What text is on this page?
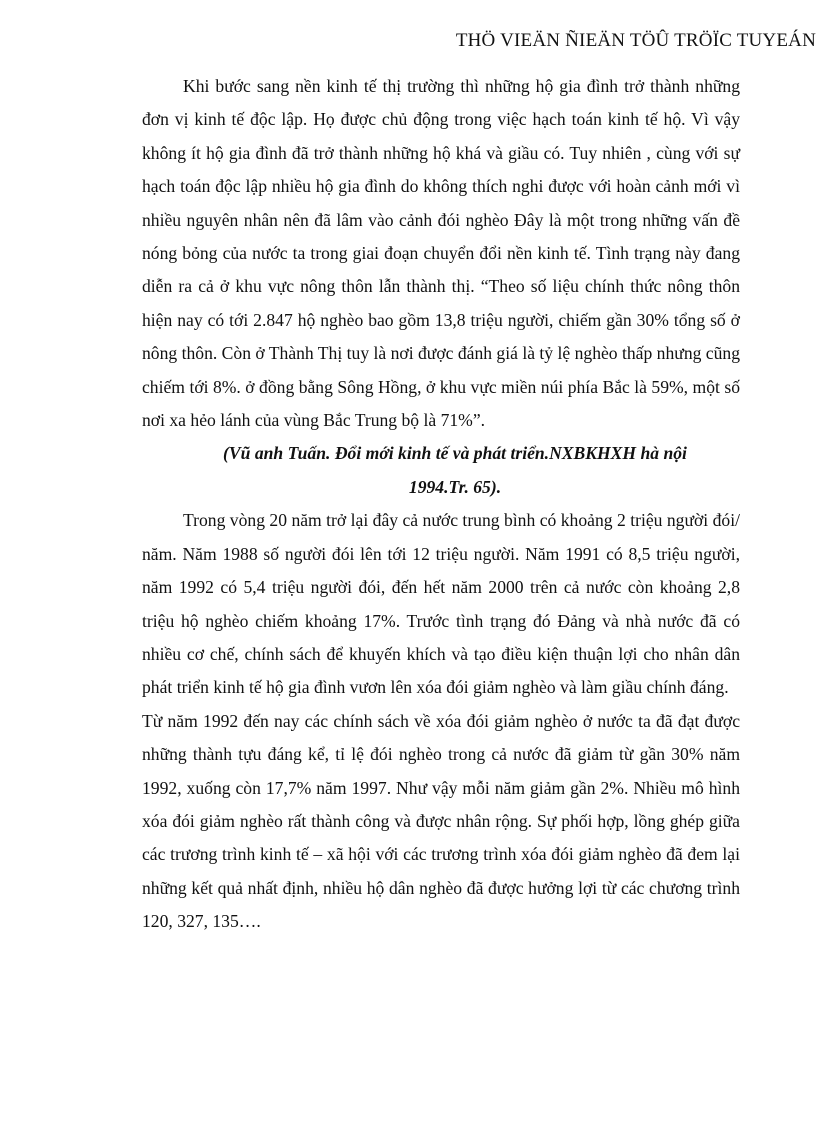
THÖ VIEÄN ÑIEÄN TÖÛ TRÖÏC TUYEÁN

Khi bước sang nền kinh tế thị trường thì những hộ gia đình trở thành những đơn vị kinh tế độc lập. Họ được chủ động trong việc hạch toán kinh tế hộ. Vì vậy không ít hộ gia đình đã trở thành những hộ khá và giầu có. Tuy nhiên , cùng với sự hạch toán độc lập nhiều hộ gia đình do không thích nghi được với hoàn cảnh mới vì nhiều nguyên nhân nên đã lâm vào cảnh đói nghèo Đây là một trong những vấn đề nóng bỏng của nước ta trong giai đoạn chuyển đổi nền kinh tế. Tình trạng này đang diễn ra cả ở khu vực nông thôn lẫn thành thị. “Theo số liệu chính thức nông thôn hiện nay có tới 2.847 hộ nghèo bao gồm 13,8 triệu người, chiếm gần 30% tổng số ở nông thôn. Còn ở Thành Thị tuy là nơi được đánh giá là tỷ lệ nghèo thấp nhưng cũng chiếm tới 8%. ở đồng bằng Sông Hồng, ở khu vực miền núi phía Bắc là 59%, một số nơi xa hẻo lánh của vùng Bắc Trung bộ là 71%”.

(Vũ anh Tuấn. Đổi mới kinh tế và phát triển.NXBKHXH hà nội
1994.Tr. 65).

Trong vòng 20 năm trở lại đây cả nước trung bình có khoảng 2 triệu người đói/ năm. Năm 1988 số người đói lên tới 12 triệu người. Năm 1991 có 8,5 triệu người, năm 1992 có 5,4 triệu người đói, đến hết năm 2000 trên cả nước còn khoảng 2,8 triệu hộ nghèo chiếm khoảng 17%. Trước tình trạng đó Đảng và nhà nước đã có nhiều cơ chế, chính sách để khuyến khích và tạo điều kiện thuận lợi cho nhân dân phát triển kinh tế hộ gia đình vươn lên xóa đói giảm nghèo và làm giầu chính đáng.

Từ năm 1992 đến nay các chính sách về xóa đói giảm nghèo ở nước ta đã đạt được những thành tựu đáng kể, tỉ lệ đói nghèo trong cả nước đã giảm từ gần 30% năm 1992, xuống còn 17,7% năm 1997. Như vậy mỗi năm giảm gần 2%. Nhiều mô hình xóa đói giảm nghèo rất thành công và được nhân rộng. Sự phối hợp, lồng ghép giữa các trương trình kinh tế – xã hội với các trương trình xóa đói giảm nghèo đã đem lại những kết quả nhất định, nhiều hộ dân nghèo đã được hưởng lợi từ các chương trình 120, 327, 135….
